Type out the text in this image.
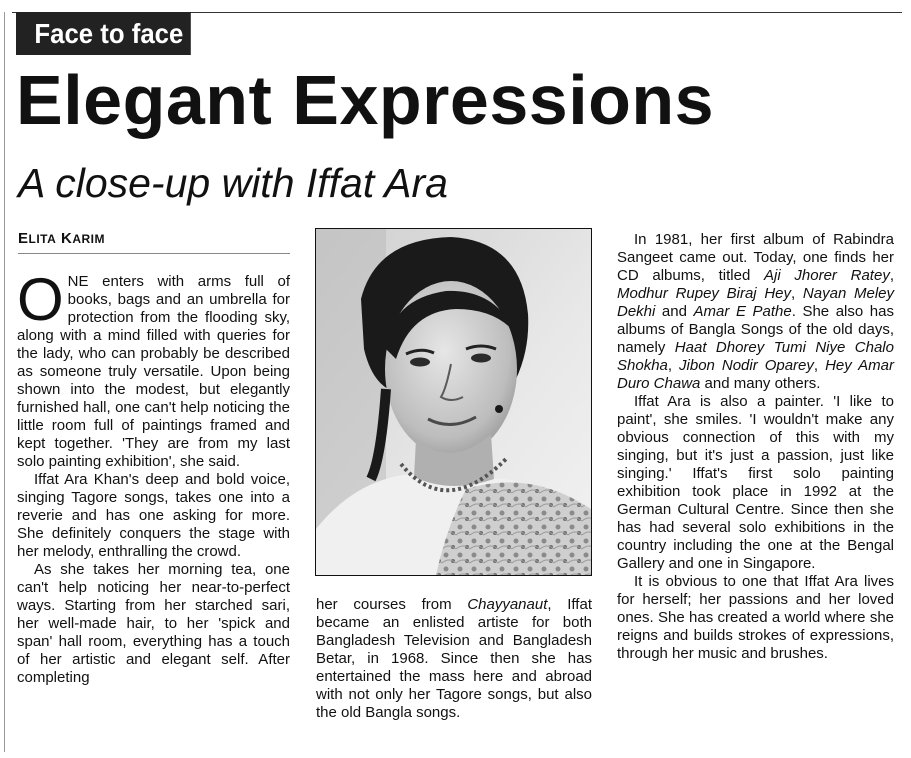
Face to face
Elegant Expressions
A close-up with Iffat Ara
ELITA KARIM

ONE enters with arms full of books, bags and an umbrella for protection from the flooding sky, along with a mind filled with queries for the lady, who can probably be described as someone truly versatile. Upon being shown into the modest, but elegantly furnished hall, one can't help noticing the little room full of paintings framed and kept together. 'They are from my last solo painting exhibition', she said.

Iffat Ara Khan's deep and bold voice, singing Tagore songs, takes one into a reverie and has one asking for more. She definitely conquers the stage with her melody, enthralling the crowd.

As she takes her morning tea, one can't help noticing her near-to-perfect ways. Starting from her starched sari, her well-made hair, to her 'spick and span' hall room, everything has a touch of her artistic and elegant self. After completing

her courses from Chayyanaut, Iffat became an enlisted artiste for both Bangladesh Television and Bangladesh Betar, in 1968. Since then she has entertained the mass here and abroad with not only her Tagore songs, but also the old Bangla songs.

In 1981, her first album of Rabindra Sangeet came out. Today, one finds her CD albums, titled Aji Jhorer Ratey, Modhur Rupey Biraj Hey, Nayan Meley Dekhi and Amar E Pathe. She also has albums of Bangla Songs of the old days, namely Haat Dhorey Tumi Niye Chalo Shokha, Jibon Nodir Oparey, Hey Amar Duro Chawa and many others.

Iffat Ara is also a painter. 'I like to paint', she smiles. 'I wouldn't make any obvious connection of this with my singing, but it's just a passion, just like singing.' Iffat's first solo painting exhibition took place in 1992 at the German Cultural Centre. Since then she has had several solo exhibitions in the country including the one at the Bengal Gallery and one in Singapore.

It is obvious to one that Iffat Ara lives for herself; her passions and her loved ones. She has created a world where she reigns and builds strokes of expressions, through her music and brushes.
